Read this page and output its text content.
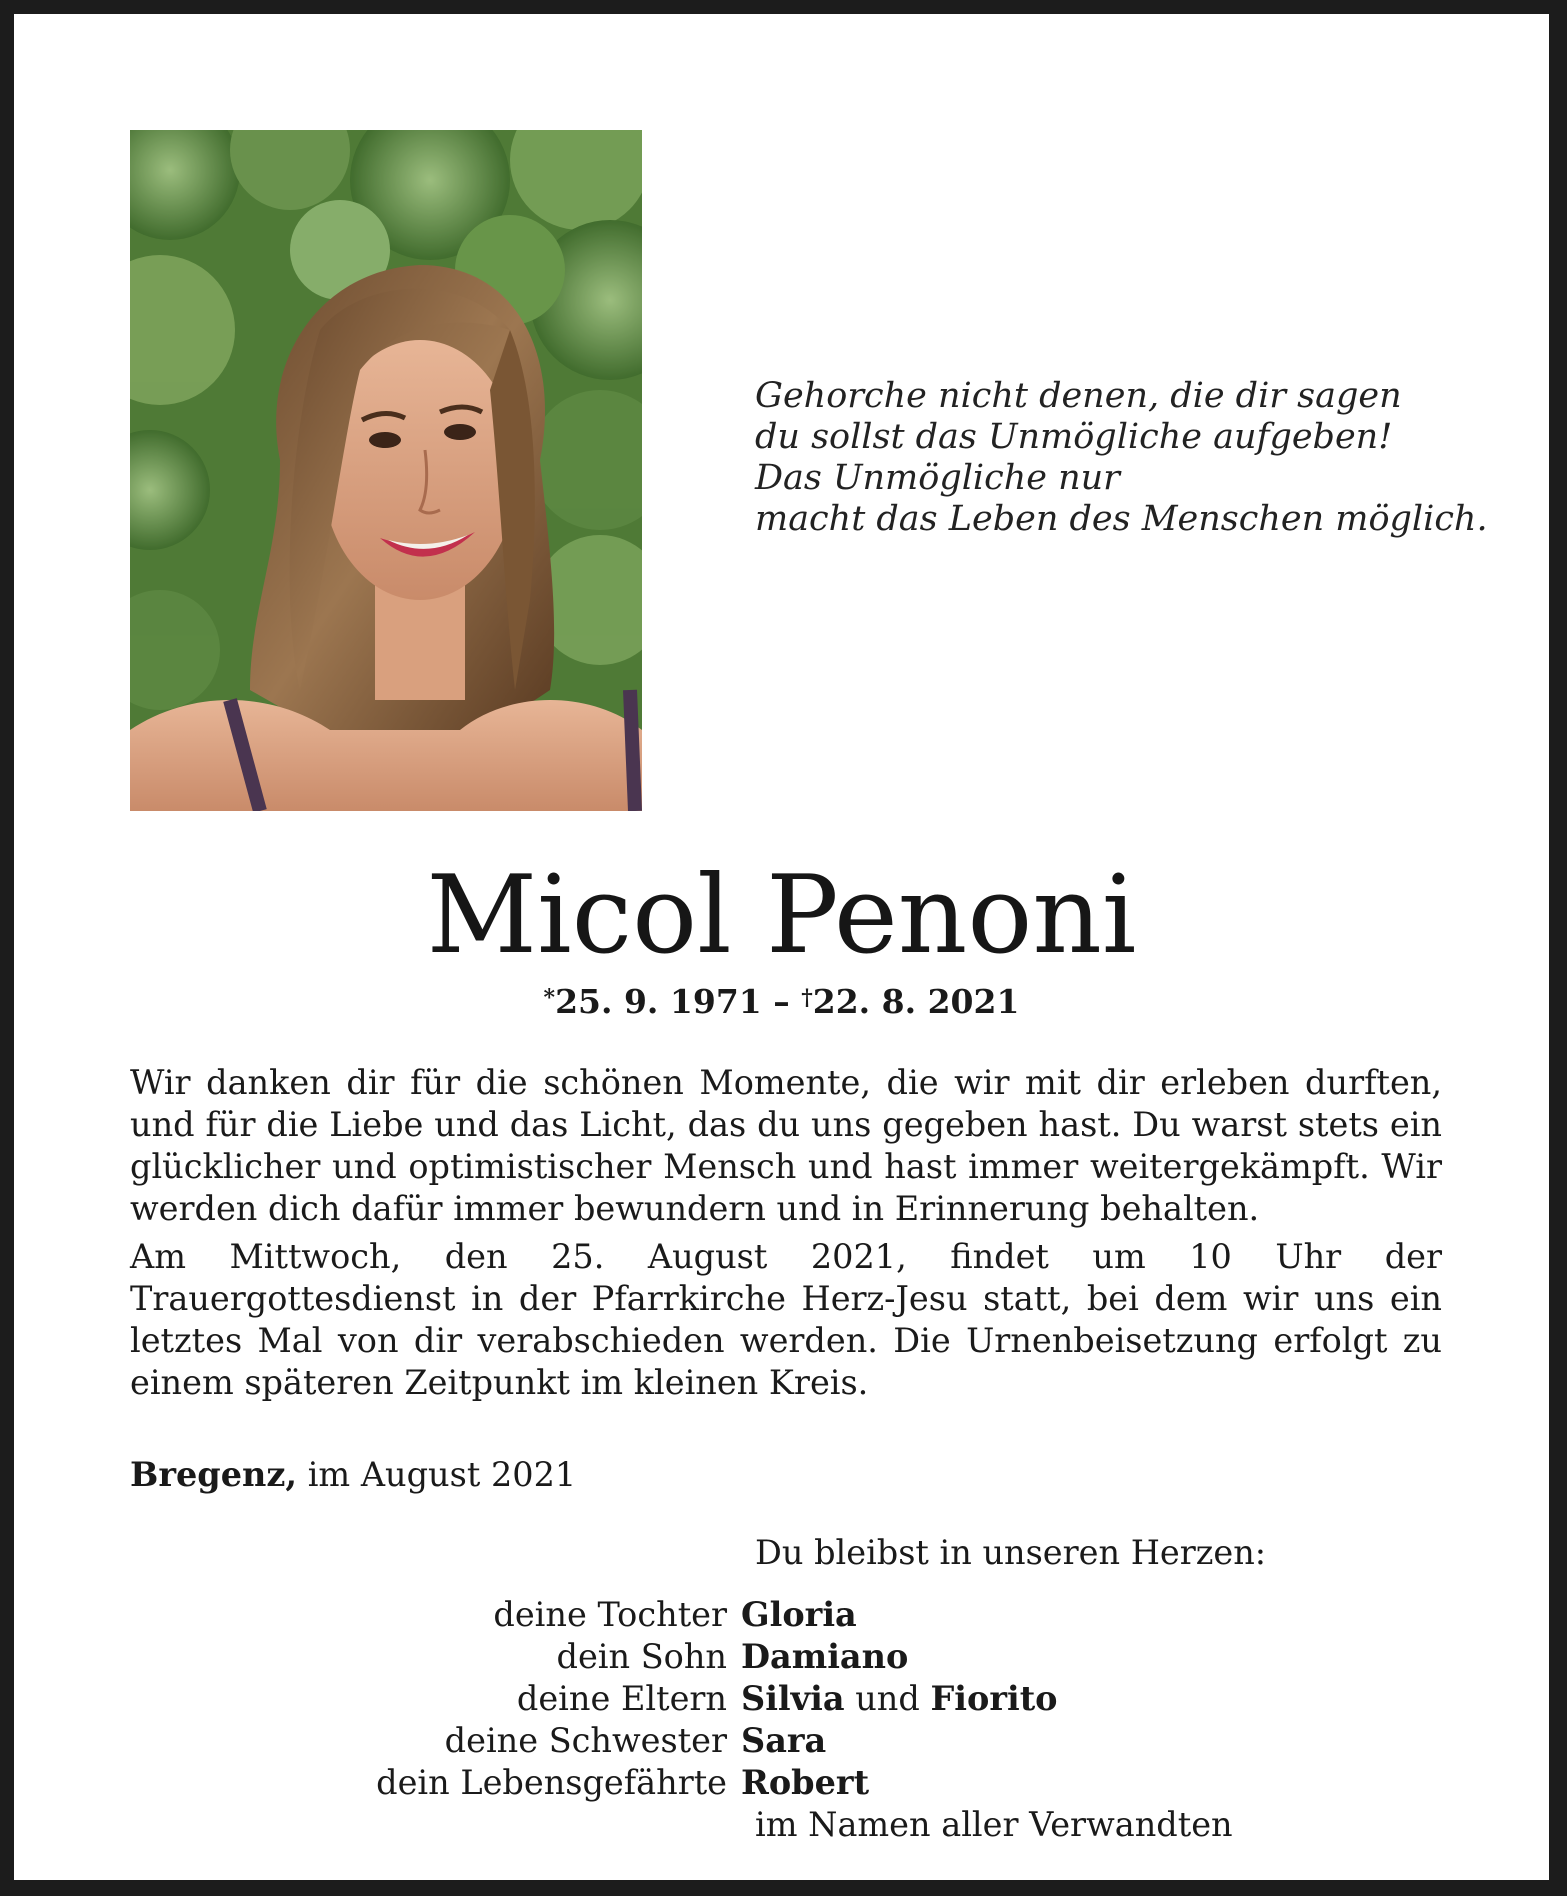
Gehorche nicht denen, die dir sagen
du sollst das Unmögliche aufgeben!
Das Unmögliche nur
macht das Leben des Menschen möglich.
Micol Penoni
*25. 9. 1971 – †22. 8. 2021

Wir danken dir für die schönen Momente, die wir mit dir erleben durften, und für die Liebe und das Licht, das du uns gegeben hast. Du warst stets ein glücklicher und optimistischer Mensch und hast immer weitergekämpft. Wir werden dich dafür immer bewundern und in Erinnerung behalten.

Am Mittwoch, den 25. August 2021, findet um 10 Uhr der Trauergottesdienst in der Pfarrkirche Herz-Jesu statt, bei dem wir uns ein letztes Mal von dir verabschieden werden. Die Urnenbeisetzung erfolgt zu einem späteren Zeitpunkt im kleinen Kreis.

Bregenz, im August 2021
Du bleibst in unseren Herzen:
deine Tochter Gloria
dein Sohn Damiano
deine Eltern Silvia und Fiorito
deine Schwester Sara
dein Lebensgefährte Robert
im Namen aller Verwandten
